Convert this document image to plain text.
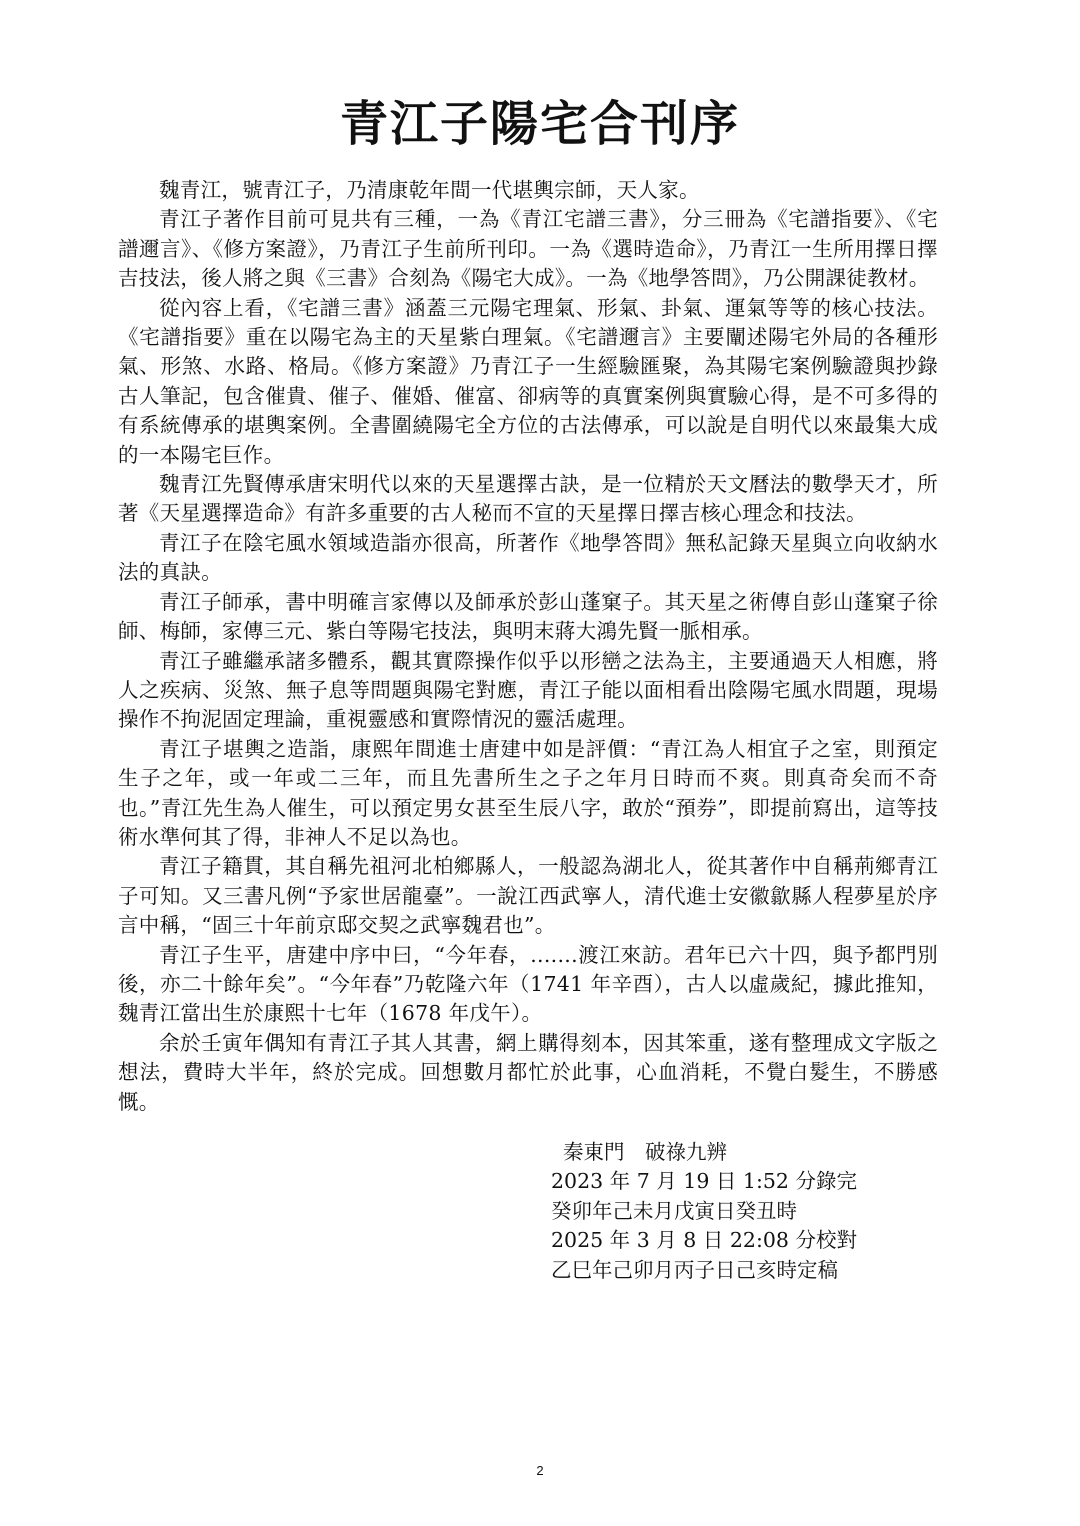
青江子陽宅合刊序

魏青江，號青江子，乃清康乾年間一代堪輿宗師，天人家。

青江子著作目前可見共有三種，一為《青江宅譜三書》，分三冊為《宅譜指要》、《宅譜邇言》、《修方案證》，乃青江子生前所刊印。一為《選時造命》，乃青江一生所用擇日擇吉技法，後人將之與《三書》合刻為《陽宅大成》。一為《地學答問》，乃公開課徒教材。

從內容上看，《宅譜三書》涵蓋三元陽宅理氣、形氣、卦氣、運氣等等的核心技法。《宅譜指要》重在以陽宅為主的天星紫白理氣。《宅譜邇言》主要闡述陽宅外局的各種形氣、形煞、水路、格局。《修方案證》乃青江子一生經驗匯聚，為其陽宅案例驗證與抄錄古人筆記，包含催貴、催子、催婚、催富、卻病等的真實案例與實驗心得，是不可多得的有系統傳承的堪輿案例。全書圍繞陽宅全方位的古法傳承，可以說是自明代以來最集大成的一本陽宅巨作。

魏青江先賢傳承唐宋明代以來的天星選擇古訣，是一位精於天文曆法的數學天才，所著《天星選擇造命》有許多重要的古人秘而不宣的天星擇日擇吉核心理念和技法。

青江子在陰宅風水領域造詣亦很高，所著作《地學答問》無私記錄天星與立向收納水法的真訣。

青江子師承，書中明確言家傳以及師承於彭山蓬窠子。其天星之術傳自彭山蓬窠子徐師、梅師，家傳三元、紫白等陽宅技法，與明末蔣大鴻先賢一脈相承。

青江子雖繼承諸多體系，觀其實際操作似乎以形巒之法為主，主要通過天人相應，將人之疾病、災煞、無子息等問題與陽宅對應，青江子能以面相看出陰陽宅風水問題，現場操作不拘泥固定理論，重視靈感和實際情況的靈活處理。

青江子堪輿之造詣，康熙年間進士唐建中如是評價：“青江為人相宜子之室，則預定生子之年，或一年或二三年，而且先書所生之子之年月日時而不爽。則真奇矣而不奇也。”青江先生為人催生，可以預定男女甚至生辰八字，敢於“預券”，即提前寫出，這等技術水準何其了得，非神人不足以為也。

青江子籍貫，其自稱先祖河北柏鄉縣人，一般認為湖北人，從其著作中自稱荊鄉青江子可知。又三書凡例“予家世居龍臺”。一說江西武寧人，清代進士安徽歙縣人程夢星於序言中稱，“固三十年前京邸交契之武寧魏君也”。

青江子生平，唐建中序中曰，“今年春，.......渡江來訪。君年已六十四，與予都門別後，亦二十餘年矣”。“今年春”乃乾隆六年（1741 年辛酉），古人以虛歲紀，據此推知，魏青江當出生於康熙十七年（1678 年戊午）。

余於壬寅年偶知有青江子其人其書，網上購得刻本，因其笨重，遂有整理成文字版之想法，費時大半年，終於完成。回想數月都忙於此事，心血消耗，不覺白髮生，不勝感慨。

秦東門　破祿九辨

2023 年 7 月 19 日 1:52 分錄完

癸卯年己未月戊寅日癸丑時

2025 年 3 月 8 日 22:08 分校對

乙巳年己卯月丙子日己亥時定稿

2
